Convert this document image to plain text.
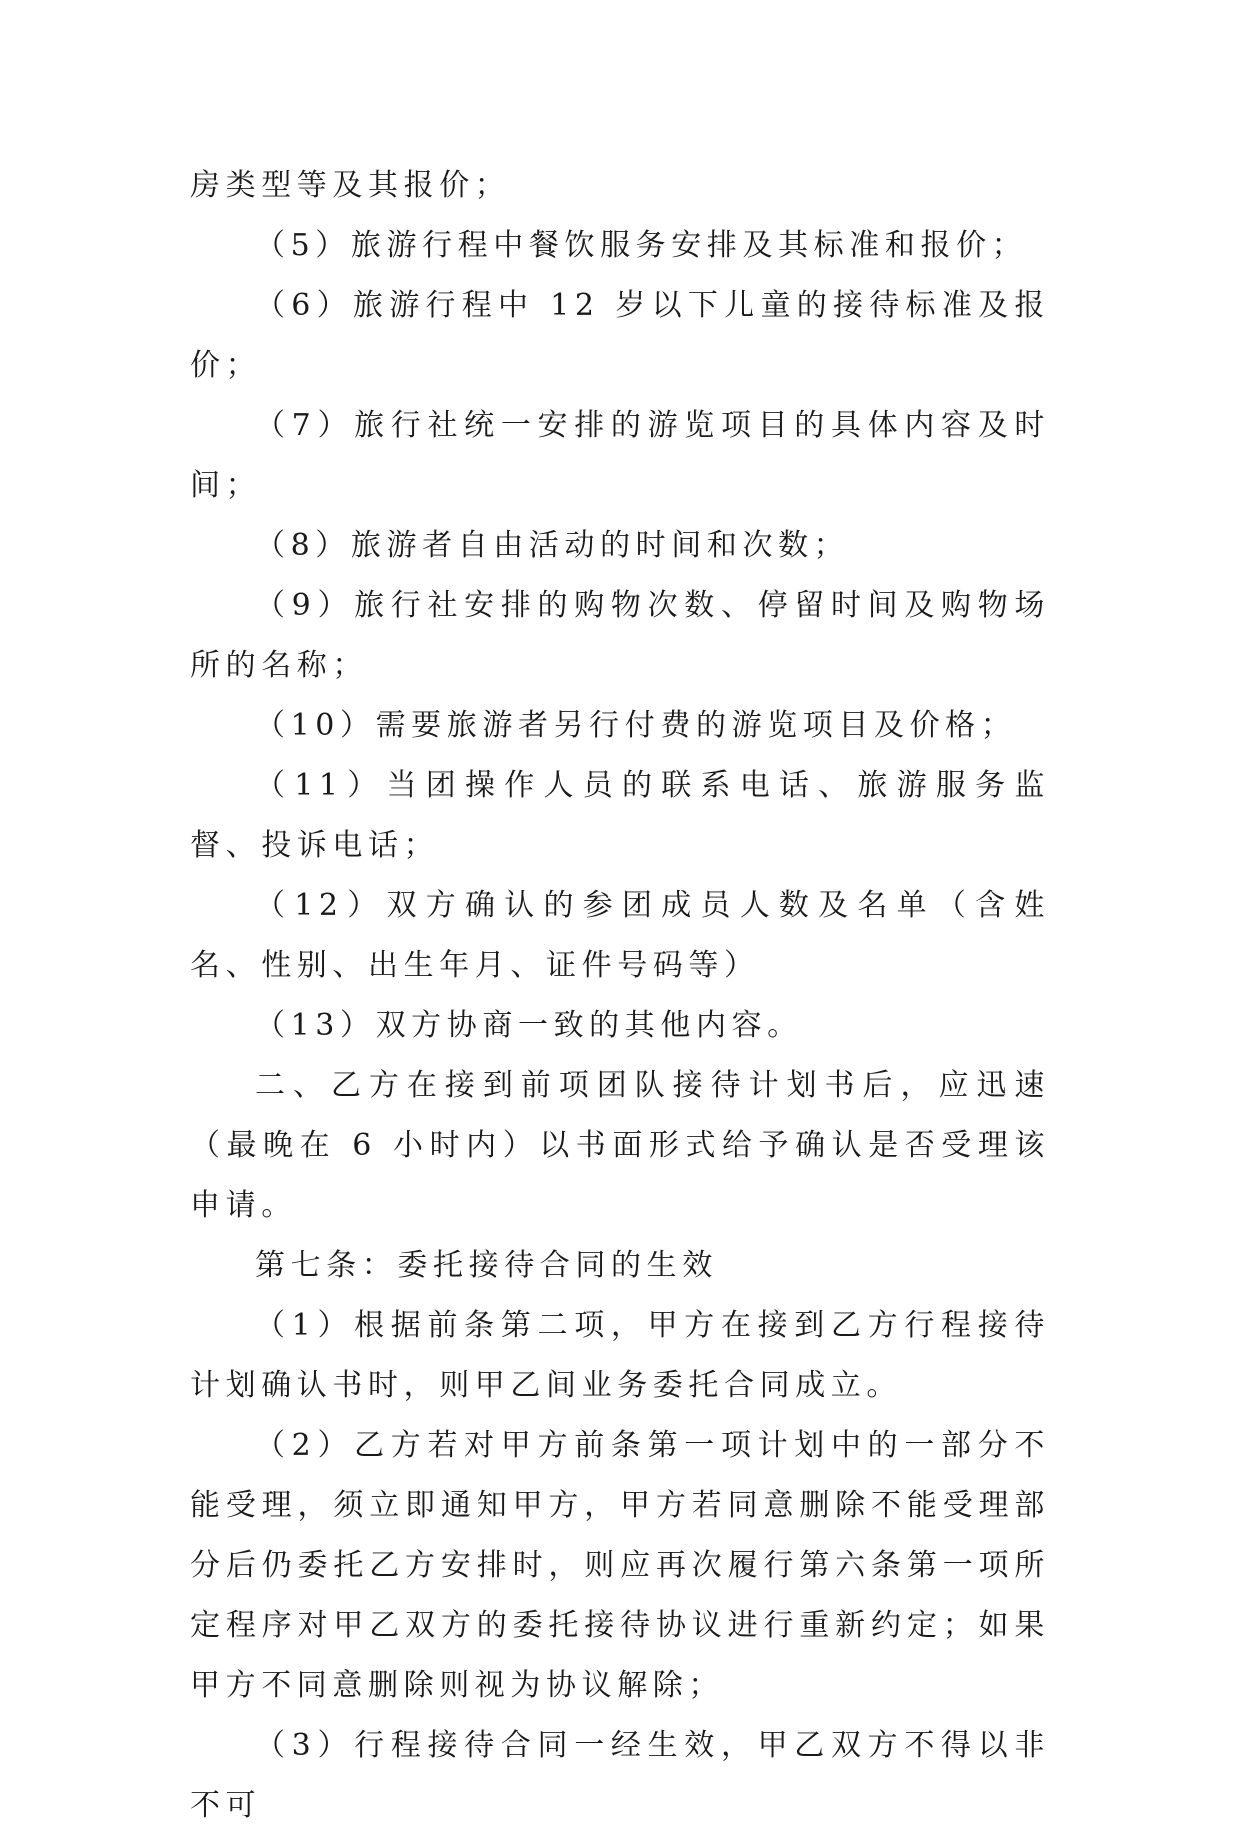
房类型等及其报价；

（5）旅游行程中餐饮服务安排及其标准和报价；

（6）旅游行程中 12 岁以下儿童的接待标准及报价；

（7）旅行社统一安排的游览项目的具体内容及时间；

（8）旅游者自由活动的时间和次数；

（9）旅行社安排的购物次数、停留时间及购物场所的名称；

（10）需要旅游者另行付费的游览项目及价格；

（11）当团操作人员的联系电话、旅游服务监督、投诉电话；

（12）双方确认的参团成员人数及名单（含姓名、性别、出生年月、证件号码等）

（13）双方协商一致的其他内容。

二、乙方在接到前项团队接待计划书后，应迅速（最晚在 6 小时内）以书面形式给予确认是否受理该申请。

第七条：委托接待合同的生效

（1）根据前条第二项，甲方在接到乙方行程接待计划确认书时，则甲乙间业务委托合同成立。

（2）乙方若对甲方前条第一项计划中的一部分不能受理，须立即通知甲方，甲方若同意删除不能受理部分后仍委托乙方安排时，则应再次履行第六条第一项所定程序对甲乙双方的委托接待协议进行重新约定；如果甲方不同意删除则视为协议解除；

（3）行程接待合同一经生效，甲乙双方不得以非不可
